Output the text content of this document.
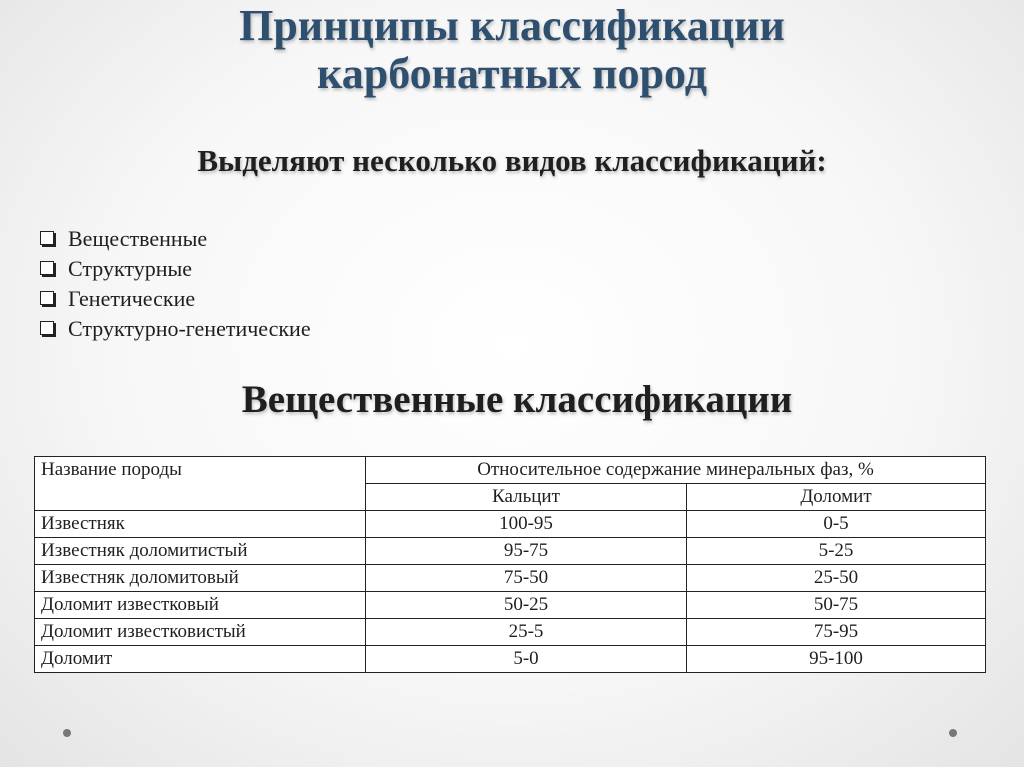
Принципы классификации
карбонатных пород
Выделяют несколько видов классификаций:
Вещественные
Структурные
Генетические
Структурно-генетические
Вещественные классификации
Название породы	Относительное содержание минеральных фаз, %	
	Кальцит	Доломит
Известняк	100-95	0-5
Известняк доломитистый	95-75	5-25
Известняк доломитовый	75-50	25-50
Доломит известковый	50-25	50-75
Доломит известковистый	25-5	75-95
Доломит	5-0	95-100
